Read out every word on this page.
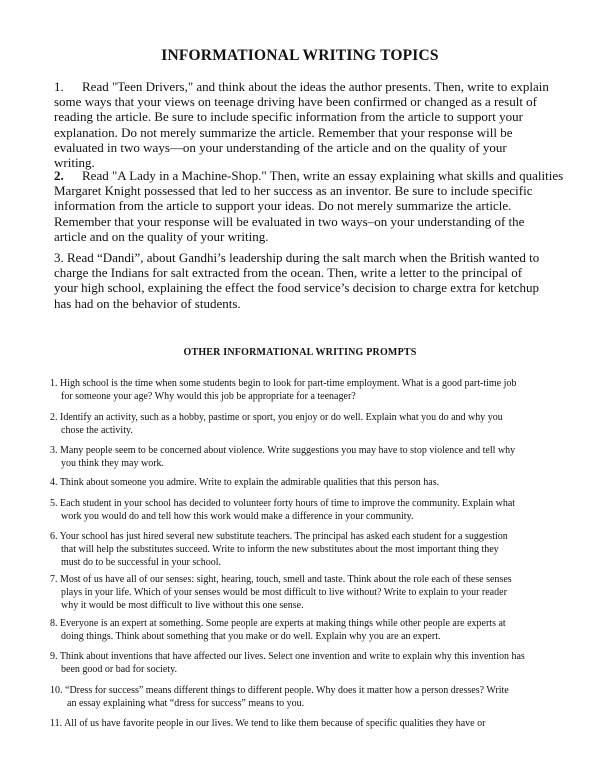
INFORMATIONAL WRITING TOPICS
1. Read "Teen Drivers," and think about the ideas the author presents. Then, write to explain
some ways that your views on teenage driving have been confirmed or changed as a result of
reading the article. Be sure to include specific information from the article to support your
explanation. Do not merely summarize the article. Remember that your response will be
evaluated in two ways—on your understanding of the article and on the quality of your
writing.
2. Read "A Lady in a Machine-Shop." Then, write an essay explaining what skills and qualities
Margaret Knight possessed that led to her success as an inventor. Be sure to include specific
information from the article to support your ideas. Do not merely summarize the article.
Remember that your response will be evaluated in two ways–on your understanding of the
article and on the quality of your writing.
3. Read “Dandi”, about Gandhi’s leadership during the salt march when the British wanted to
charge the Indians for salt extracted from the ocean. Then, write a letter to the principal of
your high school, explaining the effect the food service’s decision to charge extra for ketchup
has had on the behavior of students.
OTHER INFORMATIONAL WRITING PROMPTS
1. High school is the time when some students begin to look for part-time employment. What is a good part-time job
for someone your age? Why would this job be appropriate for a teenager?
2. Identify an activity, such as a hobby, pastime or sport, you enjoy or do well. Explain what you do and why you
chose the activity.
3. Many people seem to be concerned about violence. Write suggestions you may have to stop violence and tell why
you think they may work.
4. Think about someone you admire. Write to explain the admirable qualities that this person has.
5. Each student in your school has decided to volunteer forty hours of time to improve the community. Explain what
work you would do and tell how this work would make a difference in your community.
6. Your school has just hired several new substitute teachers. The principal has asked each student for a suggestion
that will help the substitutes succeed. Write to inform the new substitutes about the most important thing they
must do to be successful in your school.
7. Most of us have all of our senses: sight, hearing, touch, smell and taste. Think about the role each of these senses
plays in your life. Which of your senses would be most difficult to live without? Write to explain to your reader
why it would be most difficult to live without this one sense.
8. Everyone is an expert at something. Some people are experts at making things while other people are experts at
doing things. Think about something that you make or do well. Explain why you are an expert.
9. Think about inventions that have affected our lives. Select one invention and write to explain why this invention has
been good or bad for society.
10. “Dress for success” means different things to different people. Why does it matter how a person dresses? Write
an essay explaining what “dress for success” means to you.
11. All of us have favorite people in our lives. We tend to like them because of specific qualities they have or
